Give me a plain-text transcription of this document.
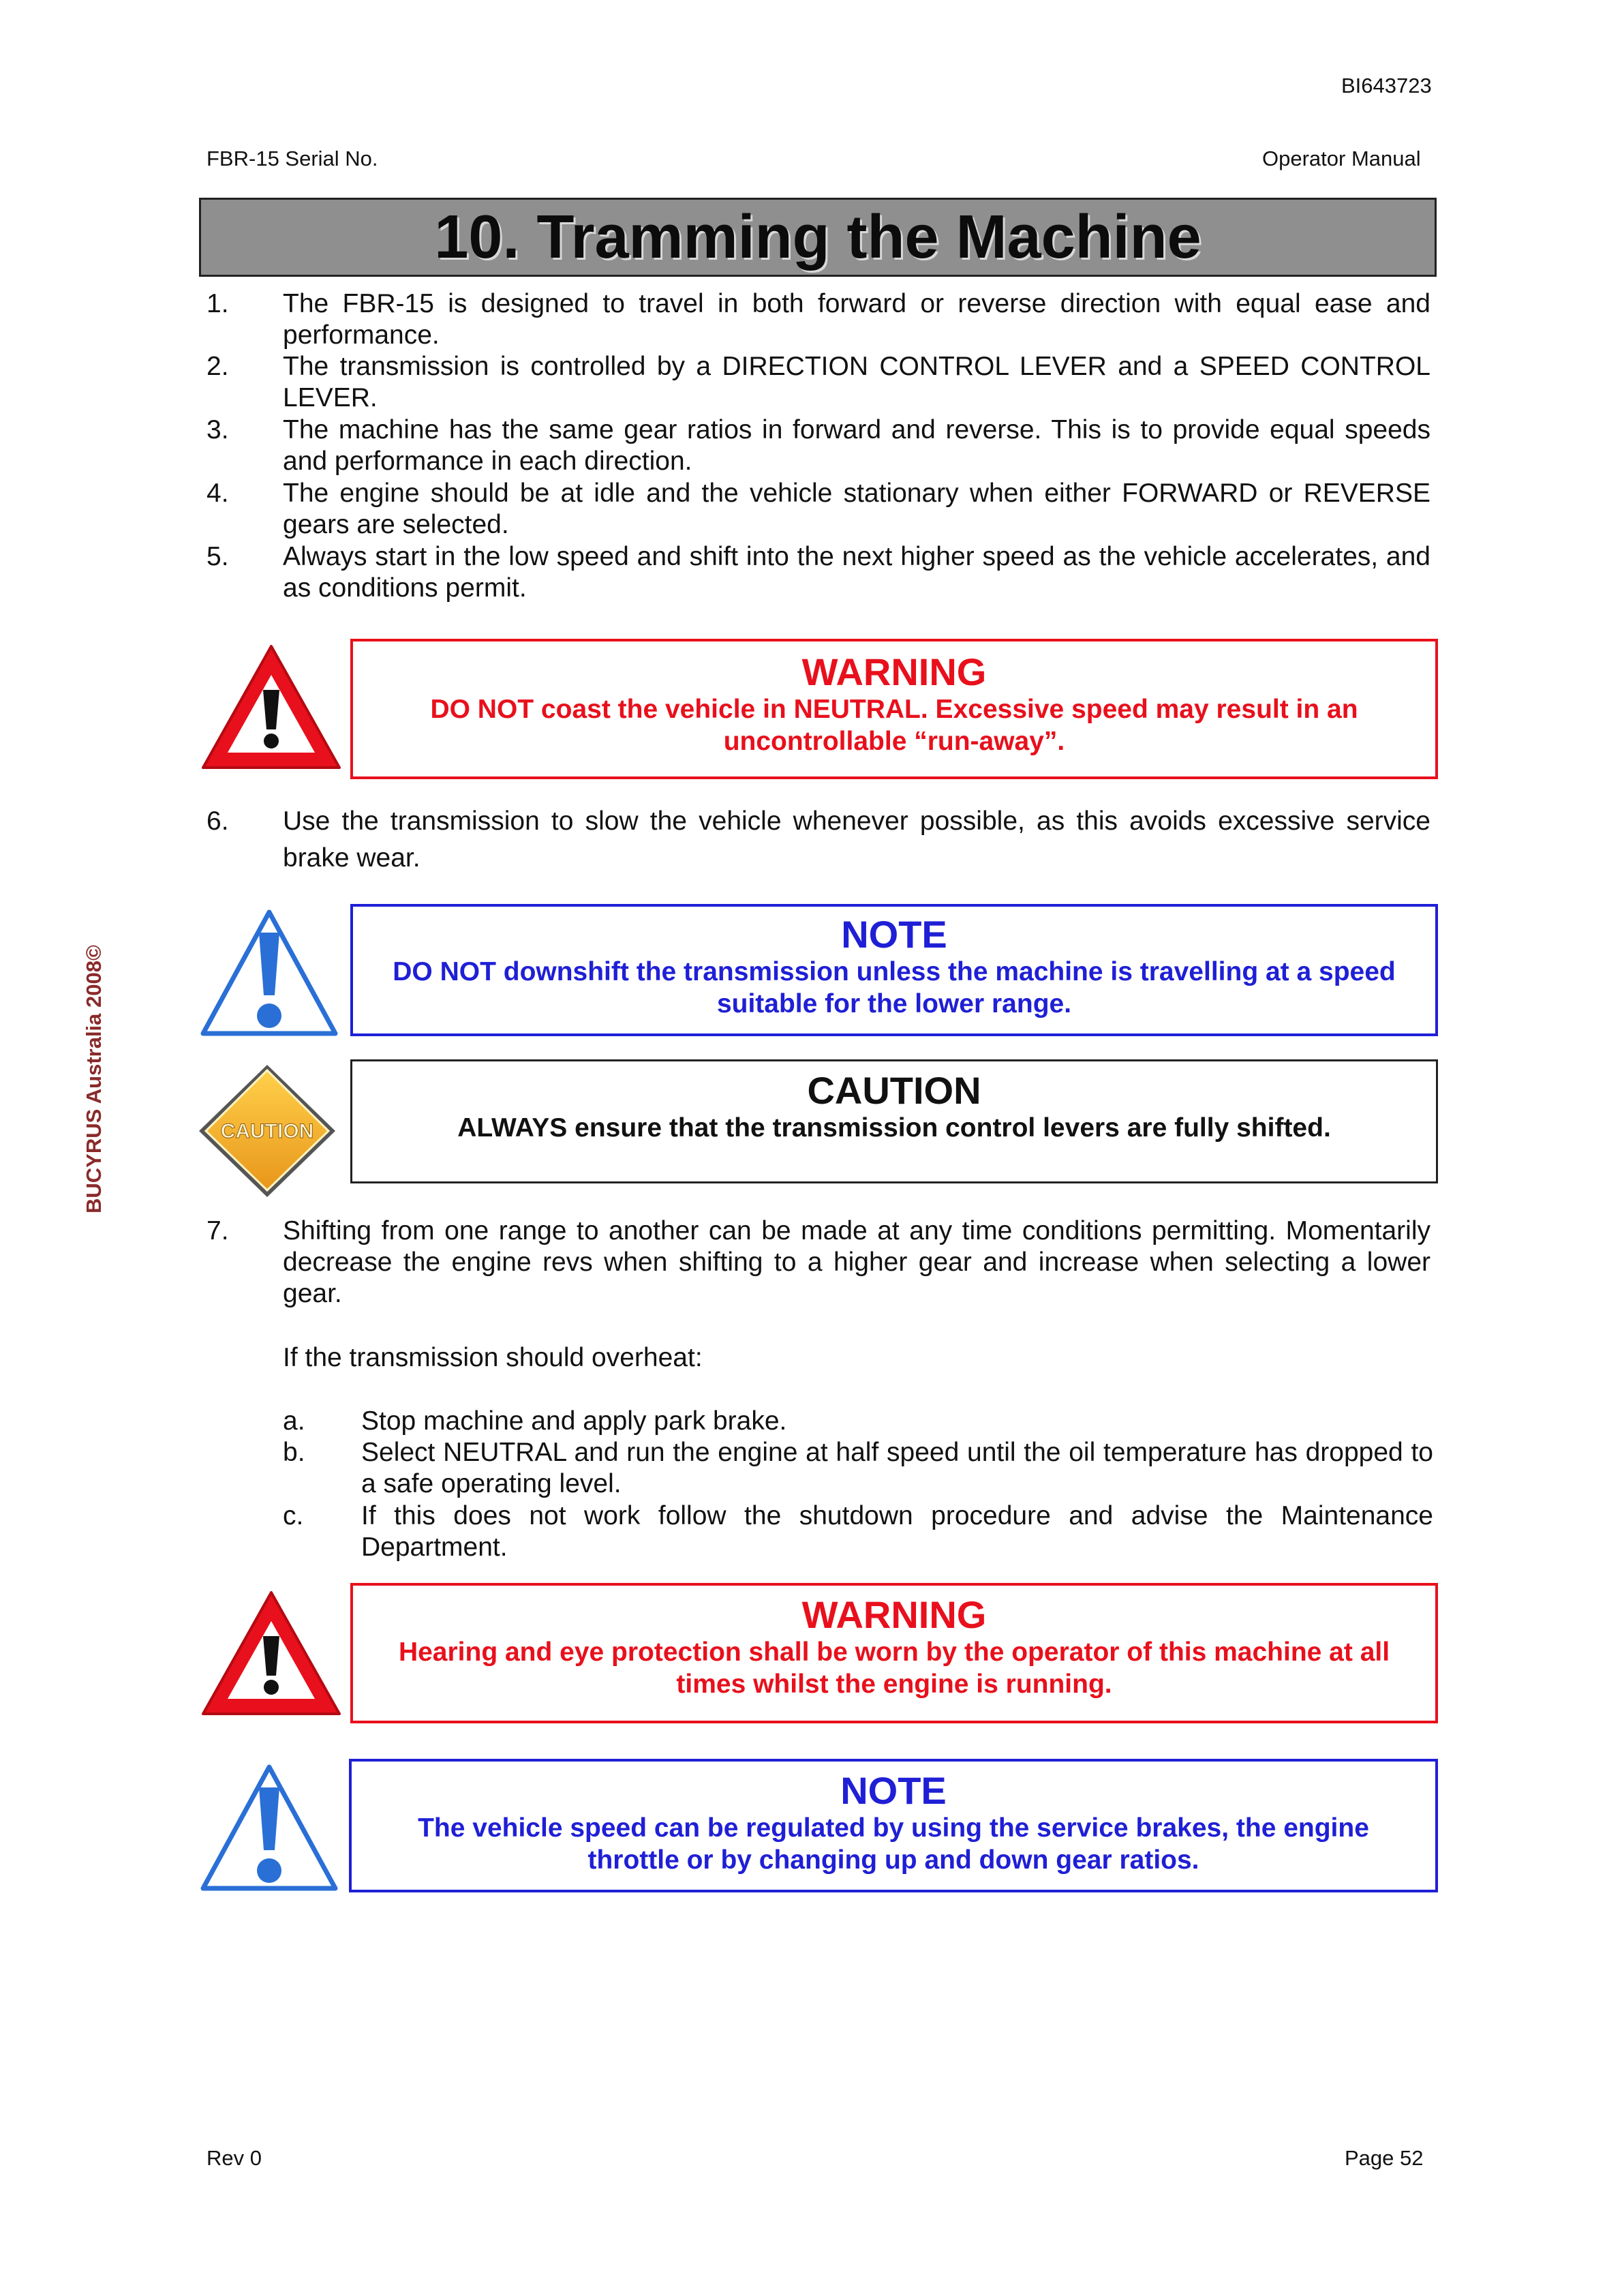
BI643723
FBR-15 Serial No.	Operator Manual
10. Tramming the Machine
1. The FBR-15 is designed to travel in both forward or reverse direction with equal ease and performance.
2. The transmission is controlled by a DIRECTION CONTROL LEVER and a SPEED CONTROL LEVER.
3. The machine has the same gear ratios in forward and reverse. This is to provide equal speeds and performance in each direction.
4. The engine should be at idle and the vehicle stationary when either FORWARD or REVERSE gears are selected.
5. Always start in the low speed and shift into the next higher speed as the vehicle accelerates, and as conditions permit.
WARNING
DO NOT coast the vehicle in NEUTRAL. Excessive speed may result in an uncontrollable “run-away”.
6. Use the transmission to slow the vehicle whenever possible, as this avoids excessive service brake wear.
NOTE
DO NOT downshift the transmission unless the machine is travelling at a speed suitable for the lower range.
CAUTION
CAUTION
ALWAYS ensure that the transmission control levers are fully shifted.
7. Shifting from one range to another can be made at any time conditions permitting. Momentarily decrease the engine revs when shifting to a higher gear and increase when selecting a lower gear.
If the transmission should overheat:
a. Stop machine and apply park brake.
b. Select NEUTRAL and run the engine at half speed until the oil temperature has dropped to a safe operating level.
c. If this does not work follow the shutdown procedure and advise the Maintenance Department.
WARNING
Hearing and eye protection shall be worn by the operator of this machine at all times whilst the engine is running.
NOTE
The vehicle speed can be regulated by using the service brakes, the engine throttle or by changing up and down gear ratios.
BUCYRUS Australia 2008©
Rev 0	Page 52
